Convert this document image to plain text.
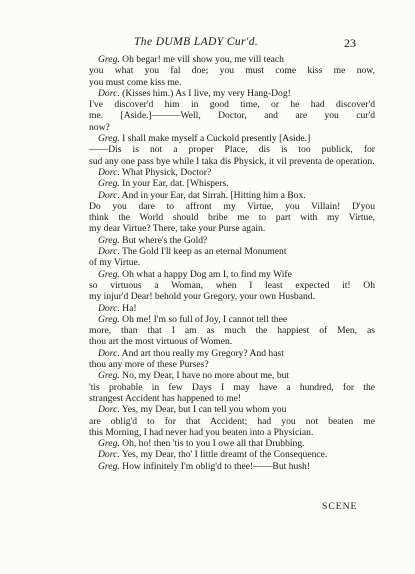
The DUMB LADY Cur'd.	23
Greg. Oh begar! me vill show you, me vill teach
you what you fal doe; you must come kiss me now,
you must come kiss me.
Dorc. (Kisses him.) As I live, my very Hang-Dog!
I've discover'd him in good time, or he had discover'd
me. [Aside.]———Well, Doctor, and are you cur'd
now?
Greg. I shall make myself a Cuckold presently [Aside.]
——Dis is not a proper Place, dis is too publick, for
sud any one pass bye while I taka dis Physick, it vil preventa de operation.
Dorc. What Physick, Doctor?
Greg. In your Ear, dat. [Whispers.
Dorc. And in your Ear, dat Sirrah. [Hitting him a Box.
Do you dare to affront my Virtue, you Villain! D'you
think the World should bribe me to part with my Virtue,
my dear Virtue? There, take your Purse again.
Greg. But where's the Gold?
Dorc. The Gold I'll keep as an eternal Monument
of my Virtue.
Greg. Oh what a happy Dog am I, to find my Wife
so virtuous a Woman, when I least expected it! Oh
my injur'd Dear! behold your Gregory, your own Husband.
Dorc. Ha!
Greg. Oh me! I'm so full of Joy, I cannot tell thee
more, than that I am as much the happiest of Men, as
thou art the most virtuous of Women.
Dorc. And art thou really my Gregory? And hast
thou any more of these Purses?
Greg. No, my Dear, I have no more about me, but
'tis probable in few Days I may have a hundred, for the
strangest Accident has happened to me!
Dorc. Yes, my Dear, but I can tell you whom you
are oblig'd to for that Accident; had you not beaten me
this Morning, I had never had you beaten into a Physician.
Greg. Oh, ho! then 'tis to you I owe all that Drubbing.
Dorc. Yes, my Dear, tho' I little dreamt of the Consequence.
Greg. How infinitely I'm oblig'd to thee!——But hush!
SCENE
